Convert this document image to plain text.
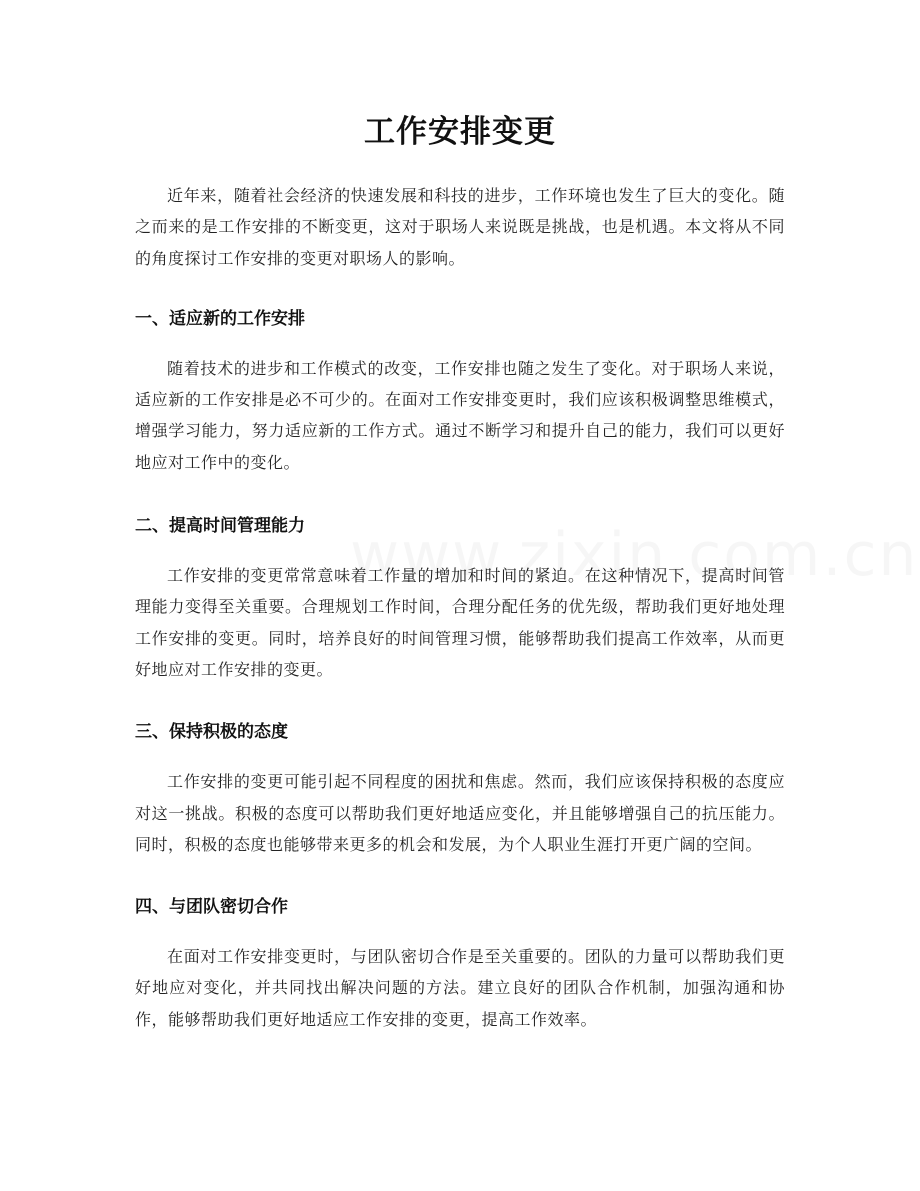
工作安排变更

近年来，随着社会经济的快速发展和科技的进步，工作环境也发生了巨大的变化。随之而来的是工作安排的不断变更，这对于职场人来说既是挑战，也是机遇。本文将从不同的角度探讨工作安排的变更对职场人的影响。

一、适应新的工作安排

随着技术的进步和工作模式的改变，工作安排也随之发生了变化。对于职场人来说，适应新的工作安排是必不可少的。在面对工作安排变更时，我们应该积极调整思维模式，增强学习能力，努力适应新的工作方式。通过不断学习和提升自己的能力，我们可以更好地应对工作中的变化。

二、提高时间管理能力

工作安排的变更常常意味着工作量的增加和时间的紧迫。在这种情况下，提高时间管理能力变得至关重要。合理规划工作时间，合理分配任务的优先级，帮助我们更好地处理工作安排的变更。同时，培养良好的时间管理习惯，能够帮助我们提高工作效率，从而更好地应对工作安排的变更。

三、保持积极的态度

工作安排的变更可能引起不同程度的困扰和焦虑。然而，我们应该保持积极的态度应对这一挑战。积极的态度可以帮助我们更好地适应变化，并且能够增强自己的抗压能力。同时，积极的态度也能够带来更多的机会和发展，为个人职业生涯打开更广阔的空间。

四、与团队密切合作

在面对工作安排变更时，与团队密切合作是至关重要的。团队的力量可以帮助我们更好地应对变化，并共同找出解决问题的方法。建立良好的团队合作机制，加强沟通和协作，能够帮助我们更好地适应工作安排的变更，提高工作效率。
